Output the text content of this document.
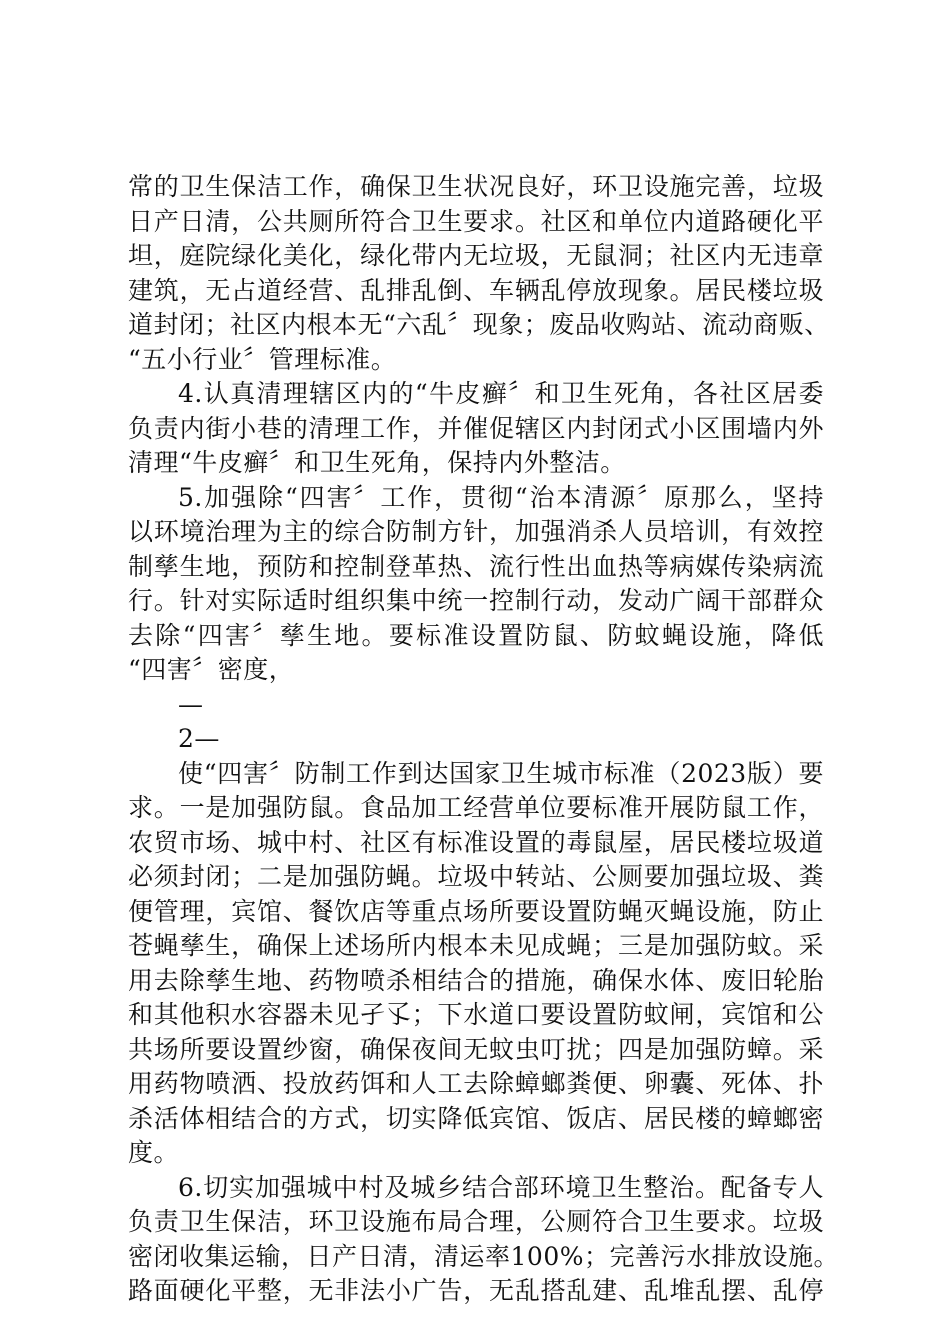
常的卫生保洁工作，确保卫生状况良好，环卫设施完善，垃圾
日产日清，公共厕所符合卫生要求。社区和单位内道路硬化平
坦，庭院绿化美化，绿化带内无垃圾，无鼠洞；社区内无违章
建筑，无占道经营、乱排乱倒、车辆乱停放现象。居民楼垃圾
道封闭；社区内根本无“六乱〞现象；废品收购站、流动商贩、
“五小行业〞管理标准。
4.认真清理辖区内的“牛皮癣〞和卫生死角，各社区居委
负责内街小巷的清理工作，并催促辖区内封闭式小区围墙内外
清理“牛皮癣〞和卫生死角，保持内外整洁。
5.加强除“四害〞工作，贯彻“治本清源〞原那么，坚持
以环境治理为主的综合防制方针，加强消杀人员培训，有效控
制孳生地，预防和控制登革热、流行性出血热等病媒传染病流
行。针对实际适时组织集中统一控制行动，发动广阔干部群众
去除“四害〞孳生地。要标准设置防鼠、防蚊蝇设施，降低
“四害〞密度，
—
2—
使“四害〞防制工作到达国家卫生城市标准（2023版）要
求。一是加强防鼠。食品加工经营单位要标准开展防鼠工作，
农贸市场、城中村、社区有标准设置的毒鼠屋，居民楼垃圾道
必须封闭；二是加强防蝇。垃圾中转站、公厕要加强垃圾、粪
便管理，宾馆、餐饮店等重点场所要设置防蝇灭蝇设施，防止
苍蝇孳生，确保上述场所内根本未见成蝇；三是加强防蚊。采
用去除孳生地、药物喷杀相结合的措施，确保水体、废旧轮胎
和其他积水容器未见孑孓；下水道口要设置防蚊闸，宾馆和公
共场所要设置纱窗，确保夜间无蚊虫叮扰；四是加强防蟑。采
用药物喷洒、投放药饵和人工去除蟑螂粪便、卵囊、死体、扑
杀活体相结合的方式，切实降低宾馆、饭店、居民楼的蟑螂密
度。
6.切实加强城中村及城乡结合部环境卫生整治。配备专人
负责卫生保洁，环卫设施布局合理，公厕符合卫生要求。垃圾
密闭收集运输，日产日清，清运率100%；完善污水排放设施。
路面硬化平整，无非法小广告，无乱搭乱建、乱堆乱摆、乱停
